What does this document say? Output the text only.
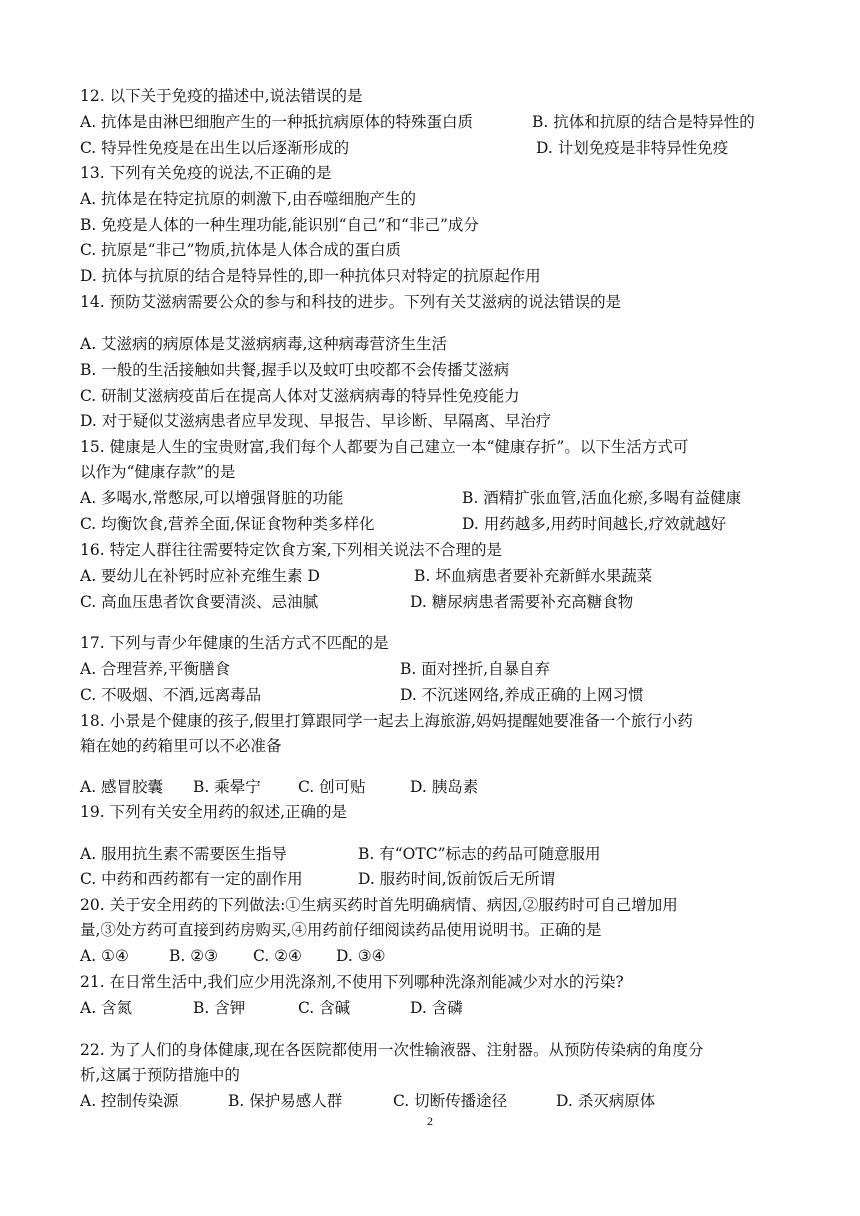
12. 以下关于免疫的描述中,说法错误的是
A. 抗体是由淋巴细胞产生的一种抵抗病原体的特殊蛋白质	B. 抗体和抗原的结合是特异性的
C. 特异性免疫是在出生以后逐渐形成的	D. 计划免疫是非特异性免疫
13. 下列有关免疫的说法,不正确的是
A. 抗体是在特定抗原的刺激下,由吞噬细胞产生的
B. 免疫是人体的一种生理功能,能识别“自己”和“非己”成分
C. 抗原是“非己”物质,抗体是人体合成的蛋白质
D. 抗体与抗原的结合是特异性的,即一种抗体只对特定的抗原起作用
14. 预防艾滋病需要公众的参与和科技的进步。下列有关艾滋病的说法错误的是
A. 艾滋病的病原体是艾滋病病毒,这种病毒营济生生活
B. 一般的生活接触如共餐,握手以及蚊叮虫咬都不会传播艾滋病
C. 研制艾滋病疫苗后在提高人体对艾滋病病毒的特异性免疫能力
D. 对于疑似艾滋病患者应早发现、早报告、早诊断、早隔离、早治疗
15. 健康是人生的宝贵财富,我们每个人都要为自己建立一本“健康存折”。以下生活方式可
以作为“健康存款”的是
A. 多喝水,常憋尿,可以增强肾脏的功能	B. 酒精扩张血管,活血化瘀,多喝有益健康
C. 均衡饮食,营养全面,保证食物种类多样化	D. 用药越多,用药时间越长,疗效就越好
16. 特定人群往往需要特定饮食方案,下列相关说法不合理的是
A. 要幼儿在补钙时应补充维生素 D	B. 坏血病患者要补充新鲜水果蔬菜
C. 高血压患者饮食要清淡、忌油腻	D. 糖尿病患者需要补充高糖食物
17. 下列与青少年健康的生活方式不匹配的是
A. 合理营养,平衡膳食	B. 面对挫折,自暴自弃
C. 不吸烟、不酒,远离毒品	D. 不沉迷网络,养成正确的上网习惯
18. 小景是个健康的孩子,假里打算跟同学一起去上海旅游,妈妈提醒她要准备一个旅行小药
箱在她的药箱里可以不必准备
A. 感冒胶囊 B. 乘晕宁 C. 创可贴	D. 胰岛素
19. 下列有关安全用药的叙述,正确的是
A. 服用抗生素不需要医生指导	B. 有“OTC”标志的药品可随意服用
C. 中药和西药都有一定的副作用	D. 服药时间,饭前饭后无所谓
20. 关于安全用药的下列做法:①生病买药时首先明确病情、病因,②服药时可自己增加用
量,③处方药可直接到药房购买,④用药前仔细阅读药品使用说明书。正确的是
A. ①④	B. ②③ C. ②④ D. ③④
21. 在日常生活中,我们应少用洗涤剂,不使用下列哪种洗涤剂能减少对水的污染?
A. 含氮	B. 含钾	C. 含碱	D. 含磷
22. 为了人们的身体健康,现在各医院都使用一次性输液器、注射器。从预防传染病的角度分
析,这属于预防措施中的
A. 控制传染源	B. 保护易感人群	C. 切断传播途径	D. 杀灭病原体
2
